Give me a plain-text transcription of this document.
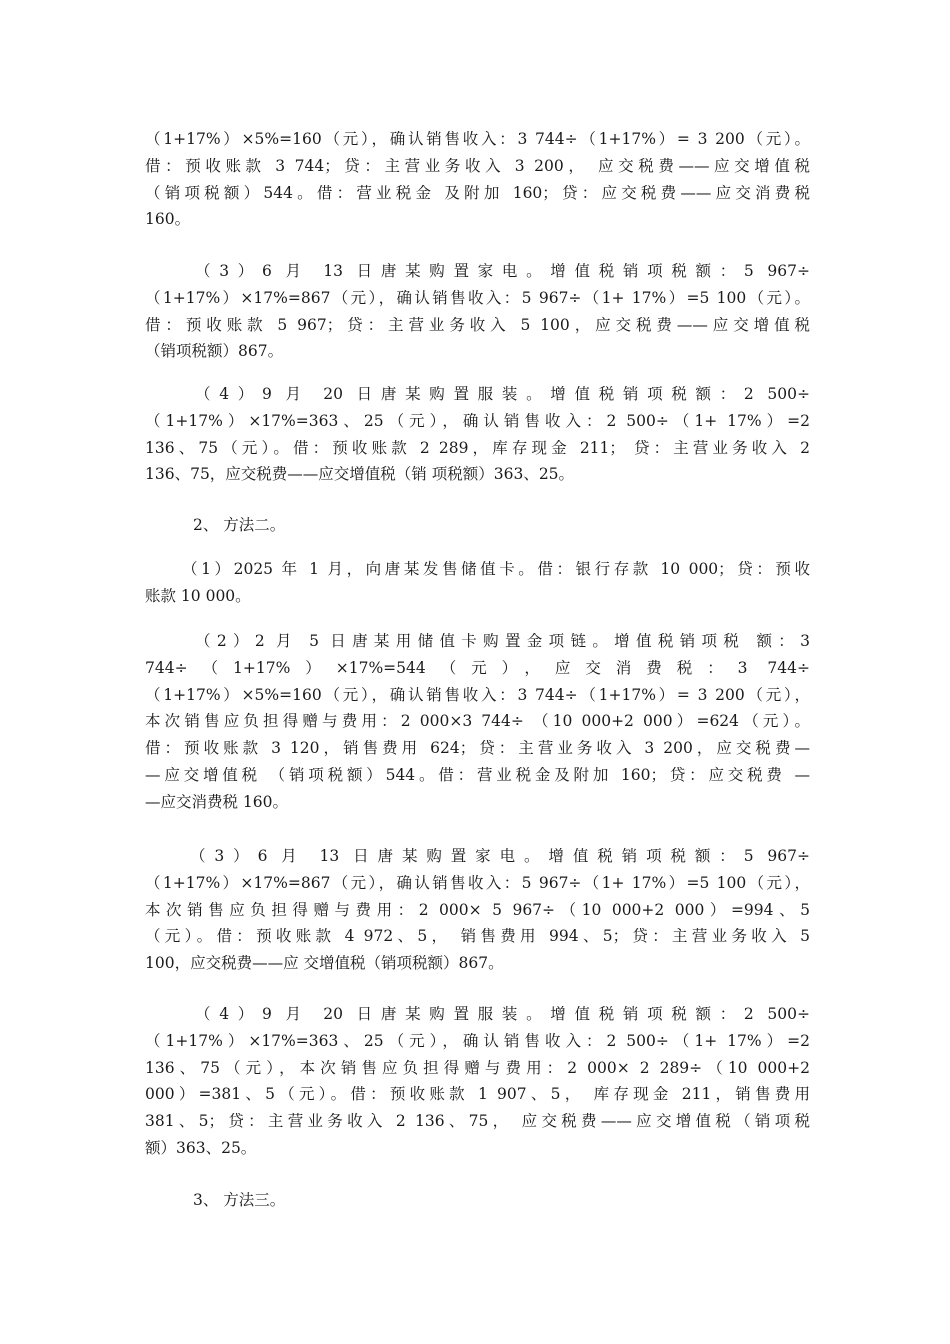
（1+17%）×5%=160（元），确认销售收入：3 744÷（1+17%）= 3 200（元）。
借：预收账款 3 744；贷：主营业务收入 3 200， 应交税费——应交增值税
（销项税额）544。借：营业税金 及附加 160；贷：应交税费——应交消费税
160。
（3）6 月 13 日唐某购置家电。增值税销项税额：5 967÷
（1+17%）×17%=867（元），确认销售收入：5 967÷（1+ 17%）=5 100（元）。
借：预收账款 5 967；贷：主营业务收入 5 100，应交税费——应交增值税
（销项税额）867。
（4）9 月 20 日唐某购置服装。增值税销项税额：2 500÷
（1+17%）×17%=363、25（元），确认销售收入：2 500÷（1+ 17%）=2
136、75（元）。借：预收账款 2 289，库存现金 211； 贷：主营业务收入 2
136、75，应交税费——应交增值税（销 项税额）363、25。
2、 方法二。
（1）2025 年 1 月，向唐某发售储值卡。借：银行存款 10 000；贷：预收
账款 10 000。
（2）2 月 5 日唐某用储值卡购置金项链。增值税销项税 额：3
744÷（1+17%）×17%=544（元），应交消费税：3 744÷
（1+17%）×5%=160（元），确认销售收入：3 744÷（1+17%）= 3 200（元），
本次销售应负担得赠与费用：2 000×3 744÷ （10 000+2 000）=624（元）。
借：预收账款 3 120，销售费用 624；贷：主营业务收入 3 200，应交税费—
—应交增值税 （销项税额）544。借：营业税金及附加 160；贷：应交税费 —
—应交消费税 160。
（3）6 月 13 日唐某购置家电。增值税销项税额：5 967÷
（1+17%）×17%=867（元），确认销售收入：5 967÷（1+ 17%）=5 100（元），
本次销售应负担得赠与费用：2 000× 5 967÷（10 000+2 000）=994、5
（元）。借：预收账款 4 972、5， 销售费用 994、5；贷：主营业务收入 5
100，应交税费——应 交增值税（销项税额）867。
（4）9 月 20 日唐某购置服装。增值税销项税额：2 500÷
（1+17%）×17%=363、25（元），确认销售收入：2 500÷（1+ 17%）=2
136、75（元），本次销售应负担得赠与费用：2 000× 2 289÷（10 000+2
000）=381、5（元）。借：预收账款 1 907、5， 库存现金 211，销售费用
381、5；贷：主营业务收入 2 136、75， 应交税费——应交增值税（销项税
额）363、25。
3、 方法三。
